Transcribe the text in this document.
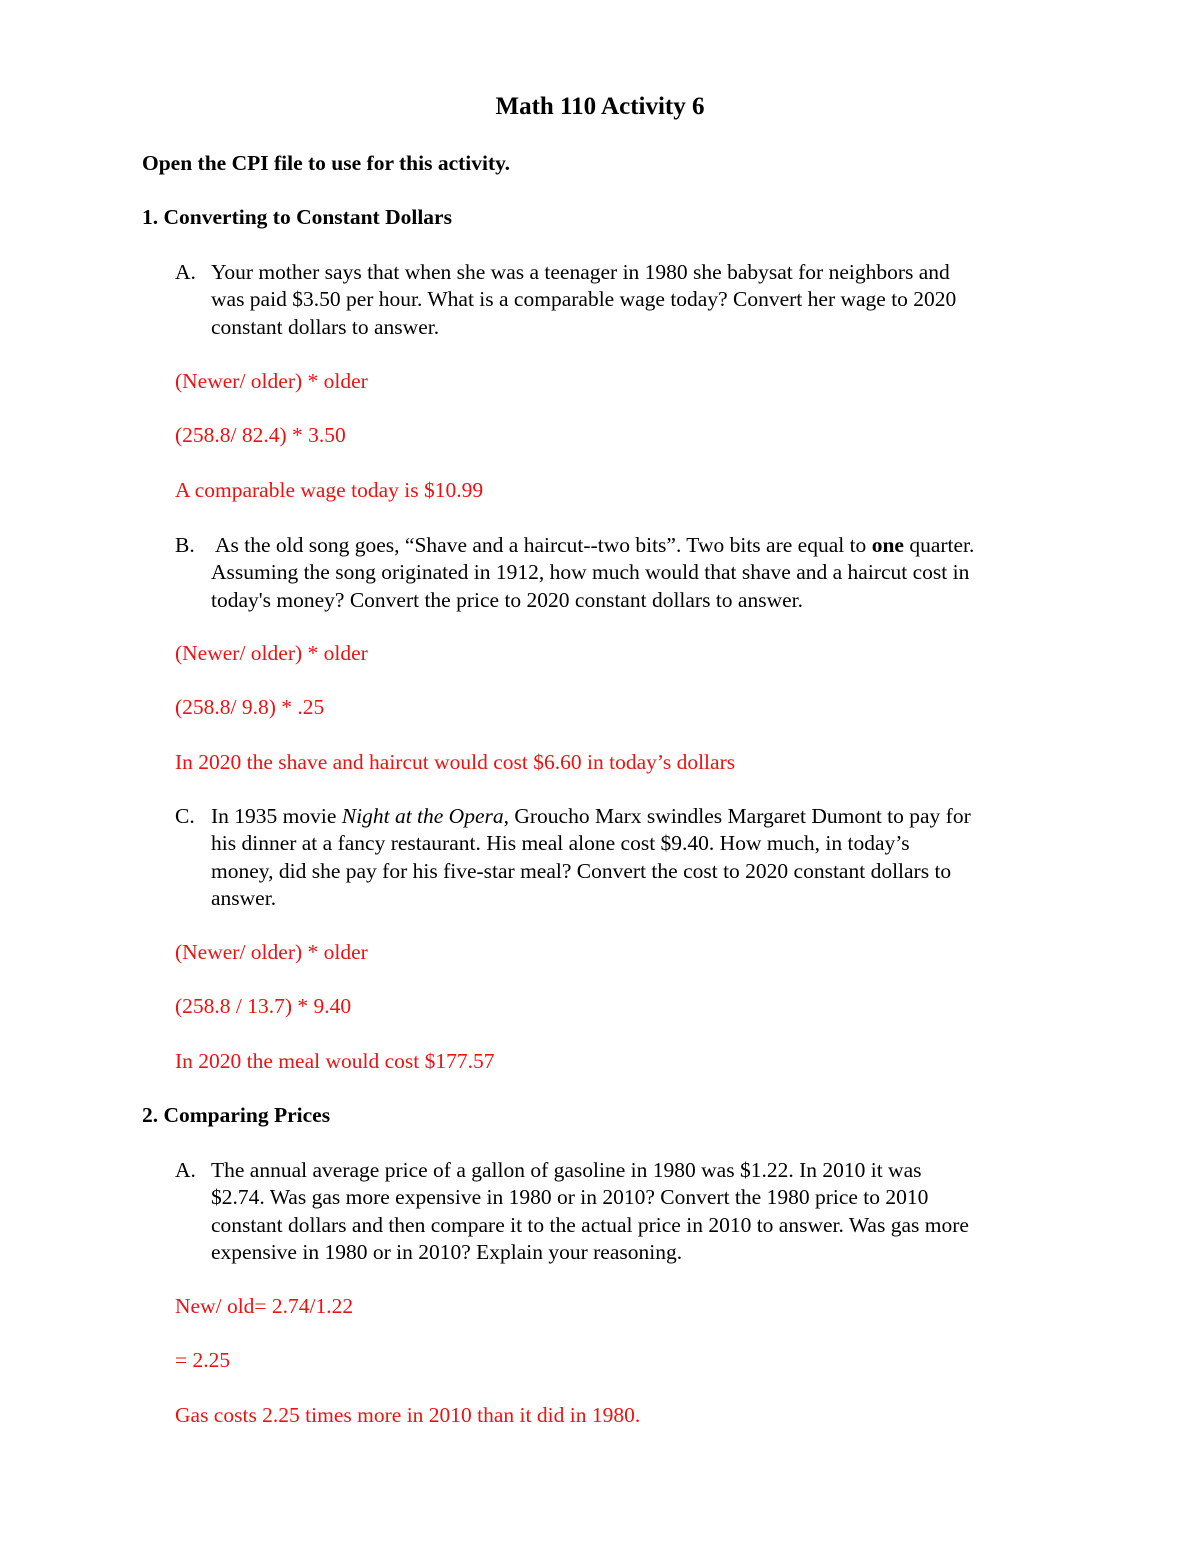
Math 110 Activity 6
Open the CPI file to use for this activity.
1. Converting to Constant Dollars
A. Your mother says that when she was a teenager in 1980 she babysat for neighbors and
was paid $3.50 per hour. What is a comparable wage today? Convert her wage to 2020
constant dollars to answer.
(Newer/ older) * older
(258.8/ 82.4) * 3.50
A comparable wage today is $10.99
B. As the old song goes, “Shave and a haircut--two bits”. Two bits are equal to one quarter.
Assuming the song originated in 1912, how much would that shave and a haircut cost in
today's money? Convert the price to 2020 constant dollars to answer.
(Newer/ older) * older
(258.8/ 9.8) * .25
In 2020 the shave and haircut would cost $6.60 in today’s dollars
C. In 1935 movie Night at the Opera, Groucho Marx swindles Margaret Dumont to pay for
his dinner at a fancy restaurant. His meal alone cost $9.40. How much, in today’s
money, did she pay for his five-star meal? Convert the cost to 2020 constant dollars to
answer.
(Newer/ older) * older
(258.8 / 13.7) * 9.40
In 2020 the meal would cost $177.57
2. Comparing Prices
A. The annual average price of a gallon of gasoline in 1980 was $1.22. In 2010 it was
$2.74. Was gas more expensive in 1980 or in 2010? Convert the 1980 price to 2010
constant dollars and then compare it to the actual price in 2010 to answer. Was gas more
expensive in 1980 or in 2010? Explain your reasoning.
New/ old= 2.74/1.22
= 2.25
Gas costs 2.25 times more in 2010 than it did in 1980.
